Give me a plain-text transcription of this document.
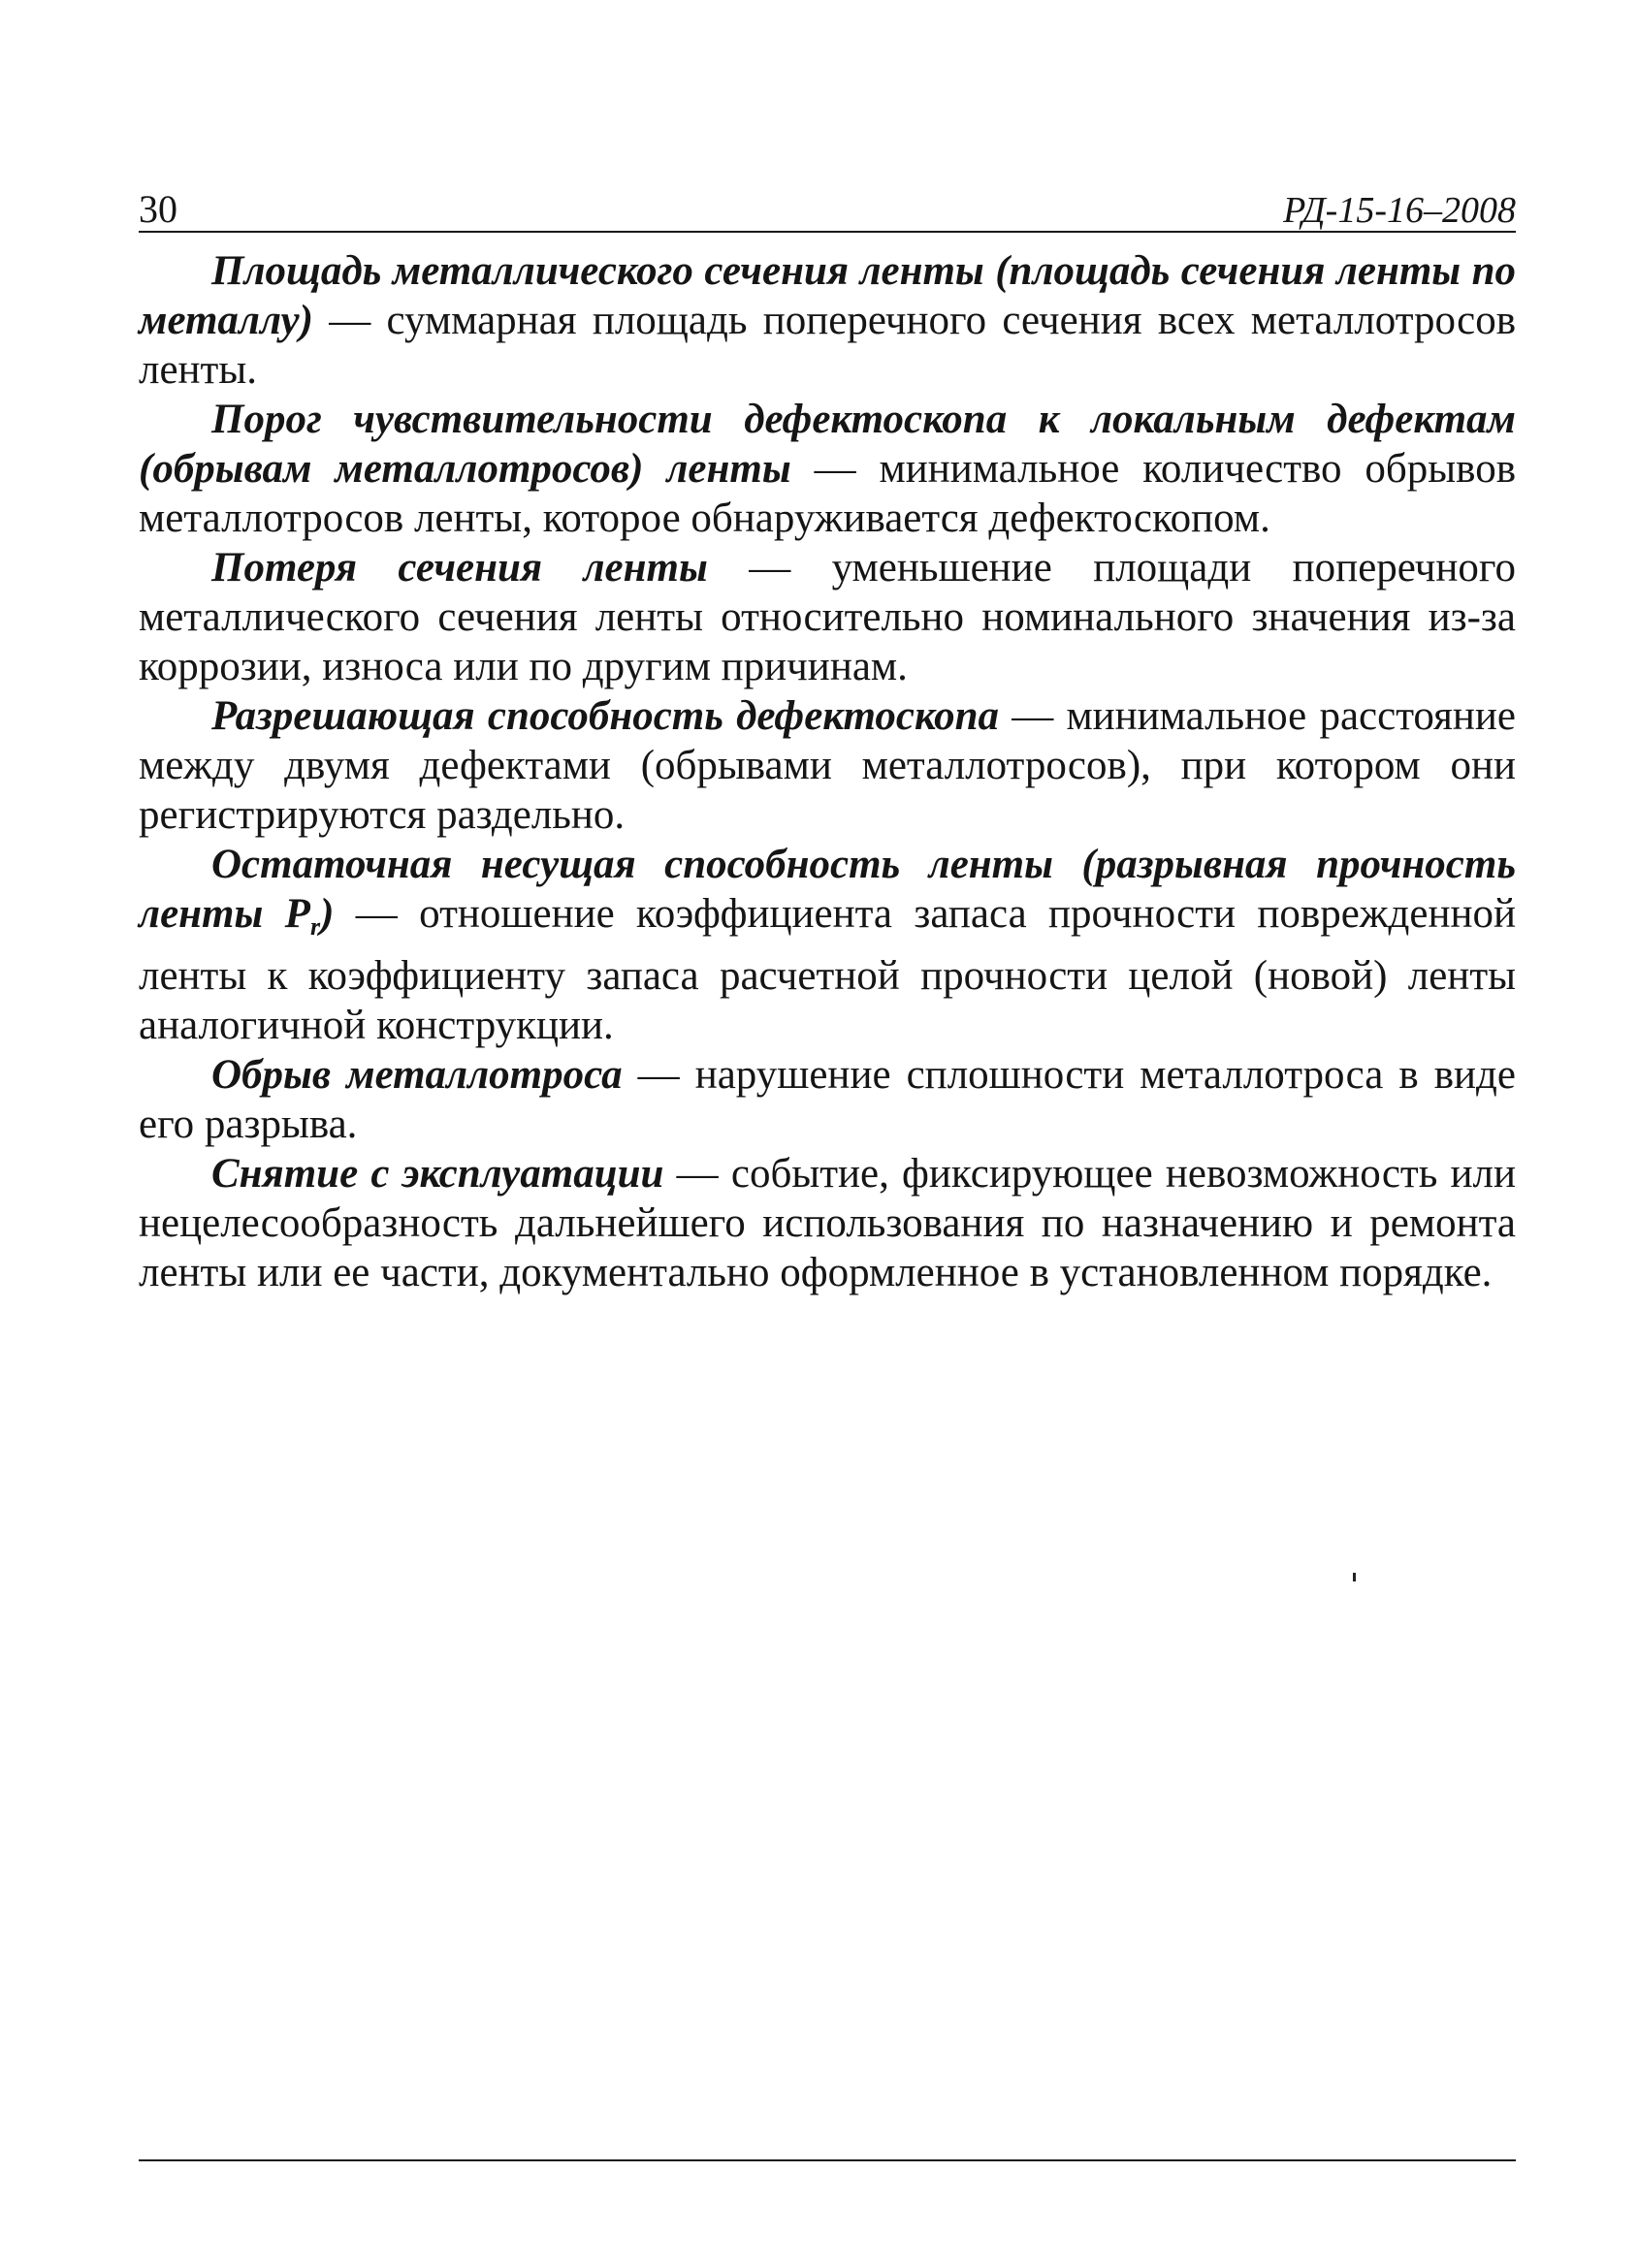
30	РД-15-16–2008

Площадь металлического сечения ленты (площадь сечения ленты по металлу) — суммарная площадь поперечного сечения всех металлотросов ленты.

Порог чувствительности дефектоскопа к локальным дефектам (обрывам металлотросов) ленты — минимальное количество обрывов металлотросов ленты, которое обнаруживается дефектоскопом.

Потеря сечения ленты — уменьшение площади поперечного металлического сечения ленты относительно номинального значения из-за коррозии, износа или по другим причинам.

Разрешающая способность дефектоскопа — минимальное расстояние между двумя дефектами (обрывами металлотросов), при котором они регистрируются раздельно.

Остаточная несущая способность ленты (разрывная прочность ленты $P_r$) — отношение коэффициента запаса прочности поврежденной ленты к коэффициенту запаса расчетной прочности целой (новой) ленты аналогичной конструкции.

Обрыв металлотроса — нарушение сплошности металлотроса в виде его разрыва.

Снятие с эксплуатации — событие, фиксирующее невозможность или нецелесообразность дальнейшего использования по назначению и ремонта ленты или ее части, документально оформленное в установленном порядке.
